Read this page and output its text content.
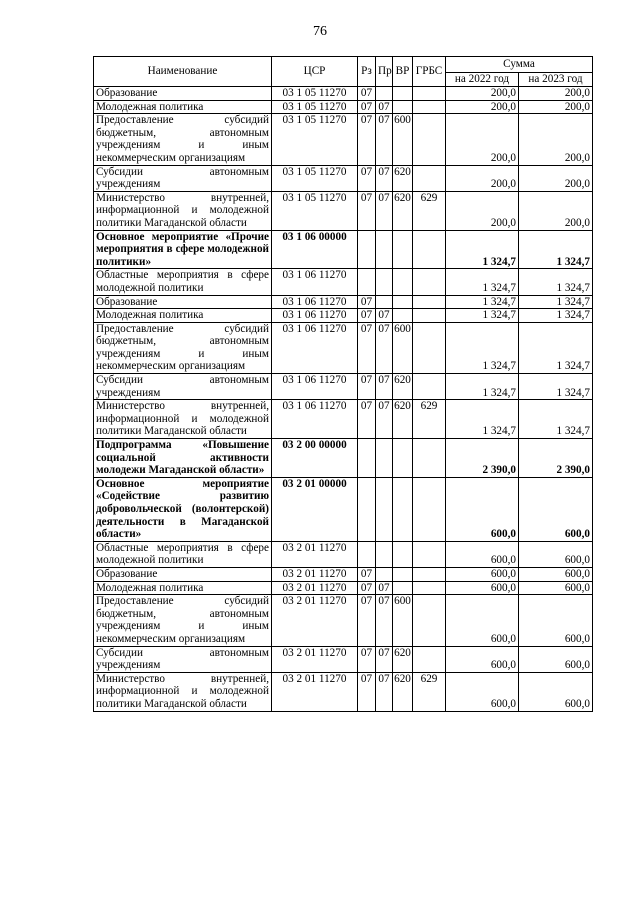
76
Наименование	ЦСР	Рз	Пр	ВР	ГРБС	Сумма	
						на 2022 год	на 2023 год
Образование	03 1 05 11270	07				200,0	200,0
Молодежная политика	03 1 05 11270	07	07			200,0	200,0
Предоставление субсидий бюджетным, автономным учреждениям и иным некоммерческим организациям	03 1 05 11270	07	07	600		200,0	200,0
Субсидии автономным учреждениям	03 1 05 11270	07	07	620		200,0	200,0
Министерство внутренней, информационной и молодежной политики Магаданской области	03 1 05 11270	07	07	620	629	200,0	200,0
Основное мероприятие «Прочие мероприятия в сфере молодежной политики»	03 1 06 00000					1 324,7	1 324,7
Областные мероприятия в сфере молодежной политики	03 1 06 11270					1 324,7	1 324,7
Образование	03 1 06 11270	07				1 324,7	1 324,7
Молодежная политика	03 1 06 11270	07	07			1 324,7	1 324,7
Предоставление субсидий бюджетным, автономным учреждениям и иным некоммерческим организациям	03 1 06 11270	07	07	600		1 324,7	1 324,7
Субсидии автономным учреждениям	03 1 06 11270	07	07	620		1 324,7	1 324,7
Министерство внутренней, информационной и молодежной политики Магаданской области	03 1 06 11270	07	07	620	629	1 324,7	1 324,7
Подпрограмма «Повышение социальной активности молодежи Магаданской области»	03 2 00 00000					2 390,0	2 390,0
Основное мероприятие «Содействие развитию добровольческой (волонтерской) деятельности в Магаданской области»	03 2 01 00000					600,0	600,0
Областные мероприятия в сфере молодежной политики	03 2 01 11270					600,0	600,0
Образование	03 2 01 11270	07				600,0	600,0
Молодежная политика	03 2 01 11270	07	07			600,0	600,0
Предоставление субсидий бюджетным, автономным учреждениям и иным некоммерческим организациям	03 2 01 11270	07	07	600		600,0	600,0
Субсидии автономным учреждениям	03 2 01 11270	07	07	620		600,0	600,0
Министерство внутренней, информационной и молодежной политики Магаданской области	03 2 01 11270	07	07	620	629	600,0	600,0
